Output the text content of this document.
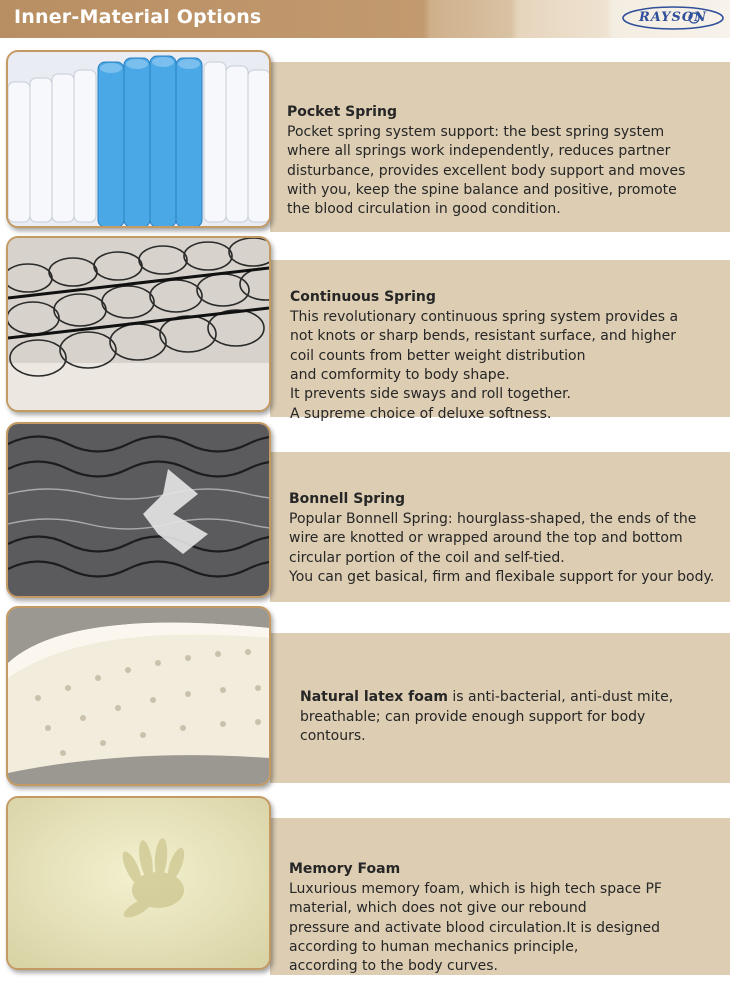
Inner-Material Options	RAYSON

Pocket Spring
Pocket spring system support: the best spring system
where all springs work independently, reduces partner
disturbance, provides excellent body support and moves
with you, keep the spine balance and positive, promote
the blood circulation in good condition.

Continuous Spring
This revolutionary continuous spring system provides a
not knots or sharp bends, resistant surface, and higher
coil counts from better weight distribution
and comformity to body shape.
It prevents side sways and roll together.
A supreme choice of deluxe softness.

Bonnell Spring
Popular Bonnell Spring: hourglass-shaped, the ends of the
wire are knotted or wrapped around the top and bottom
circular portion of the coil and self-tied.
You can get basical, firm and flexibale support for your body.

Natural latex foam is anti-bacterial, anti-dust mite,
breathable; can provide enough support for body
contours.

Memory Foam
Luxurious memory foam, which is high tech space PF
material, which does not give our rebound
pressure and activate blood circulation.It is designed
according to human mechanics principle,
according to the body curves.
